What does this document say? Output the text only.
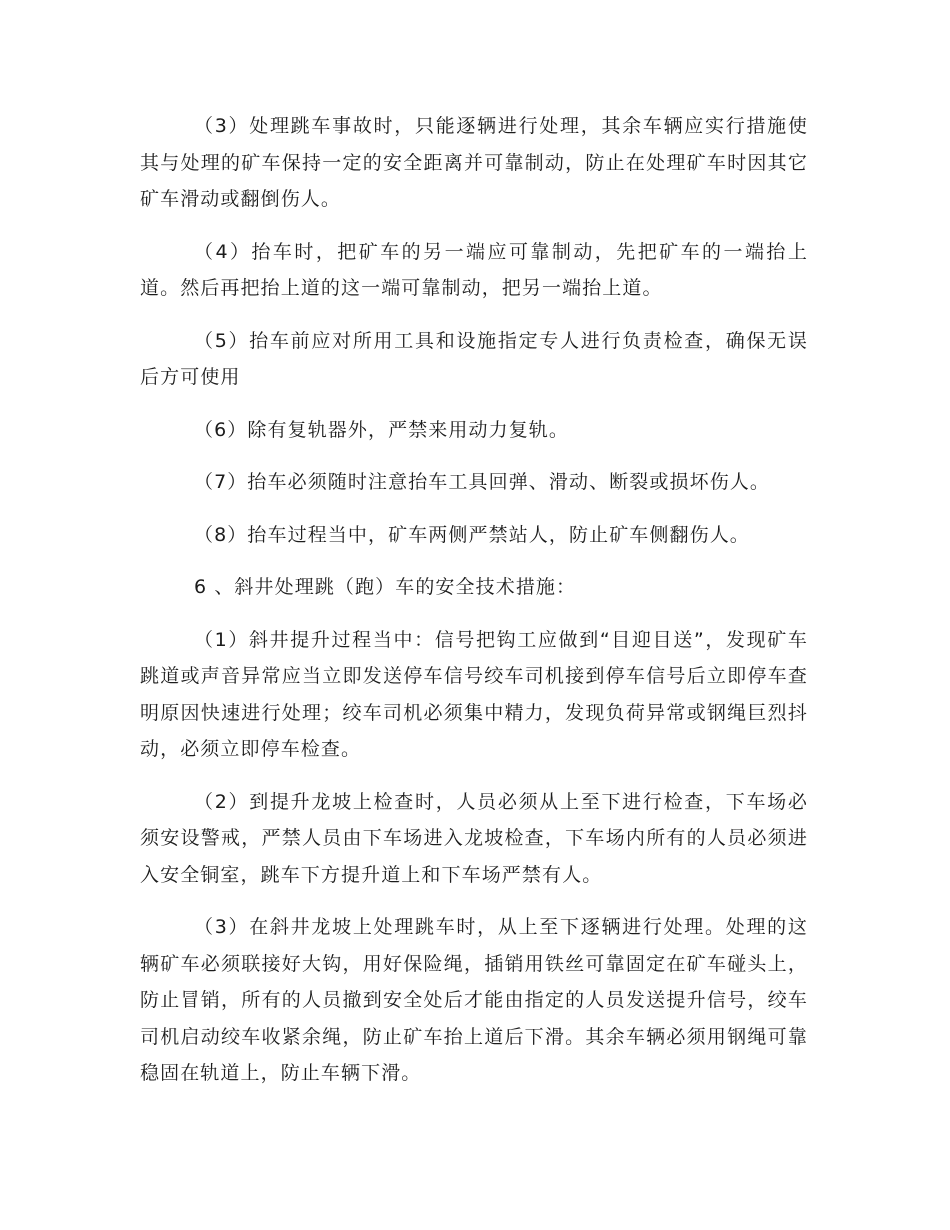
（3）处理跳车事故时，只能逐辆进行处理，其余车辆应实行措施使其与处理的矿车保持一定的安全距离并可靠制动，防止在处理矿车时因其它矿车滑动或翻倒伤人。

（4）抬车时，把矿车的另一端应可靠制动，先把矿车的一端抬上道。然后再把抬上道的这一端可靠制动，把另一端抬上道。

（5）抬车前应对所用工具和设施指定专人进行负责检查，确保无误后方可使用

（6）除有复轨器外，严禁来用动力复轨。

（7）抬车必须随时注意抬车工具回弹、滑动、断裂或损坏伤人。

（8）抬车过程当中，矿车两侧严禁站人，防止矿车侧翻伤人。

6 、斜井处理跳（跑）车的安全技术措施：

（1）斜井提升过程当中：信号把钩工应做到“目迎目送”，发现矿车跳道或声音异常应当立即发送停车信号绞车司机接到停车信号后立即停车查明原因快速进行处理；绞车司机必须集中精力，发现负荷异常或钢绳巨烈抖动，必须立即停车检查。

（2）到提升龙坡上检查时，人员必须从上至下进行检查，下车场必须安设警戒，严禁人员由下车场进入龙坡检查，下车场内所有的人员必须进入安全铜室，跳车下方提升道上和下车场严禁有人。

（3）在斜井龙坡上处理跳车时，从上至下逐辆进行处理。处理的这辆矿车必须联接好大钩，用好保险绳，插销用铁丝可靠固定在矿车碰头上，防止冒销，所有的人员撤到安全处后才能由指定的人员发送提升信号，绞车司机启动绞车收紧余绳，防止矿车抬上道后下滑。其余车辆必须用钢绳可靠稳固在轨道上，防止车辆下滑。
